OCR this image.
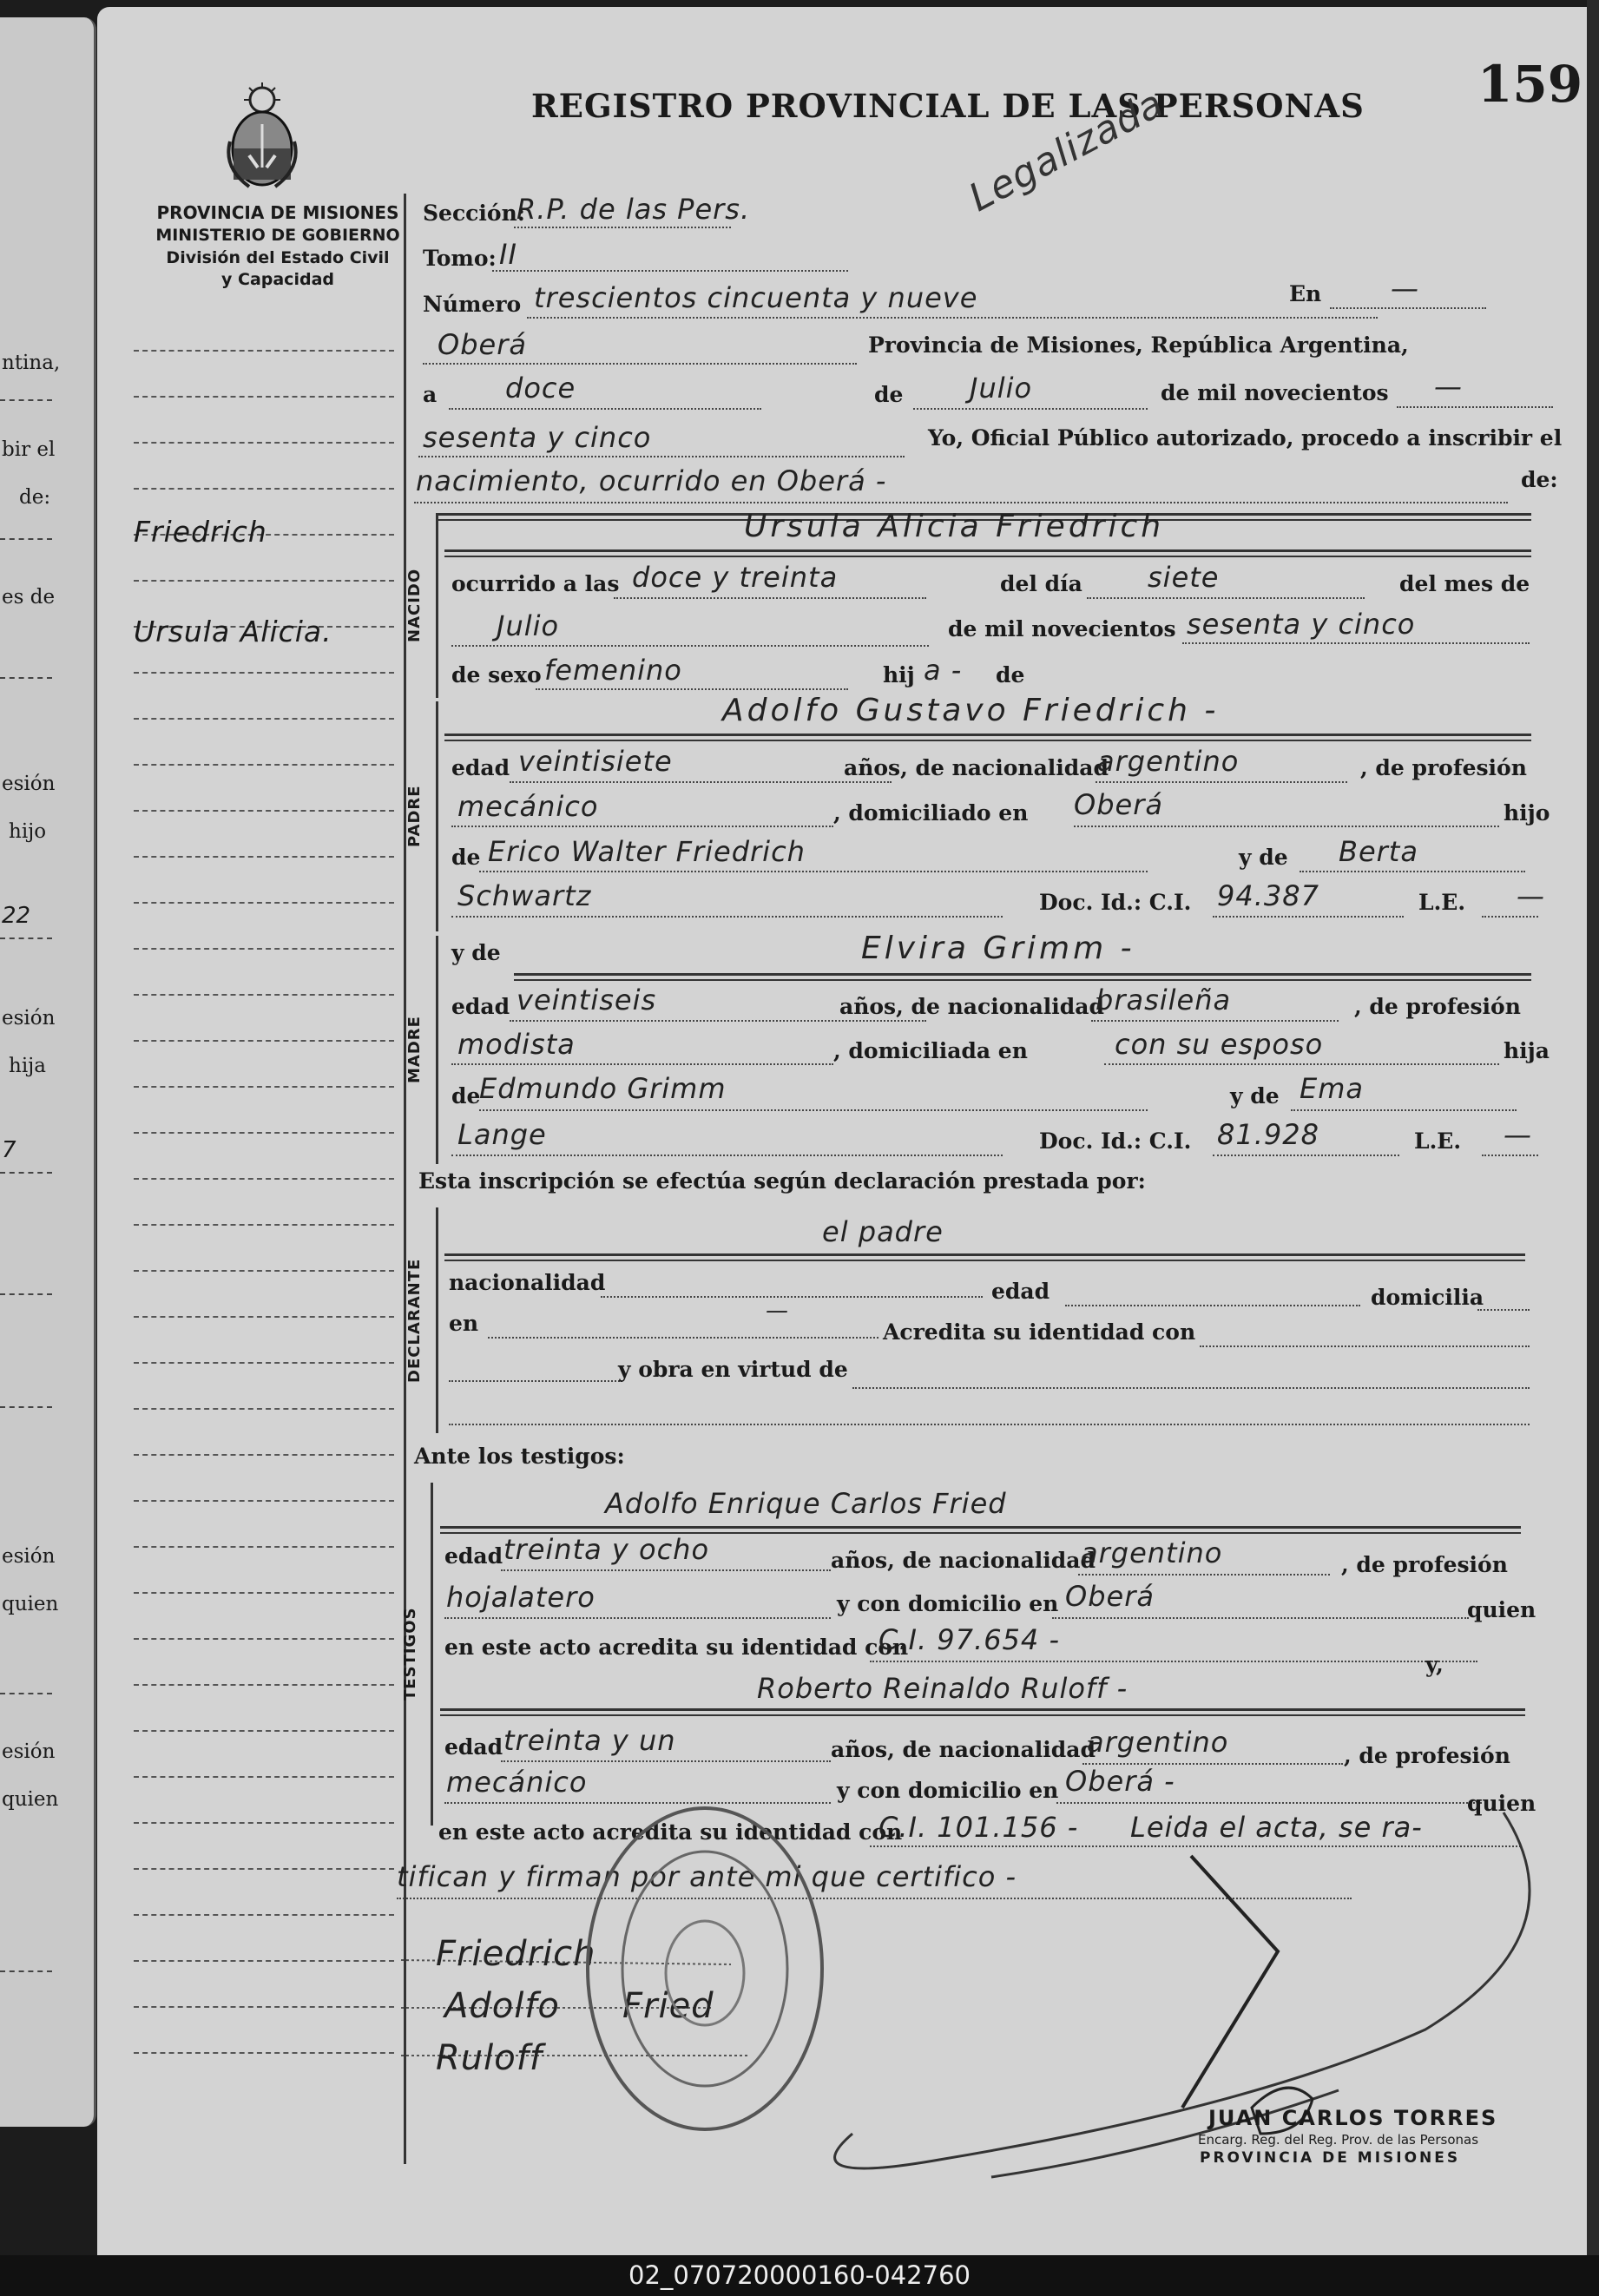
ntina,
bir el
de:
es de
esión
hijo
22
esión
hija
7
esión
quien
esión
quien
PROVINCIA DE MISIONES
MINISTERIO DE GOBIERNO
División del Estado Civil
y Capacidad
Friedrich
Ursula Alicia.
REGISTRO PROVINCIAL DE LAS PERSONAS 159
Sección:
R.P. de las Pers.
Tomo: II
Número trescientos cincuenta y nueve
Legalizada
En —
Oberá	Provincia de Misiones, República Argentina,
a doce	de Julio	de mil novecientos —
sesenta y cinco	Yo, Oficial Público autorizado, procedo a inscribir el
nacimiento, ocurrido en Oberá -	de:
NACIDO
Ursula Alicia Friedrich
ocurrido a las doce y treinta	del día siete	del mes de
Julio	de mil novecientos sesenta y cinco
de sexo femenino	hij a - de
PADRE
Adolfo Gustavo Friedrich -
edad veintisiete	años, de nacionalidad
argentino	, de profesión
mecánico	, domiciliado en Oberá	hijo
de Erico Walter Friedrich	y de Berta
Schwartz	Doc. Id.: C.I. 94.387	L.E. —
MADRE
y de	Elvira Grimm -
edad veintiseis	años, de nacionalidad
brasileña	, de profesión
modista	, domiciliada en	con su esposo	hija
de
Edmundo Grimm	y de Ema
Lange	Doc. Id.: C.I. 81.928	L.E. —
Esta inscripción se efectúa según declaración prestada por:
DECLARANTE
el padre
nacionalidad	edad	domicilia
en	—
Acredita su identidad con
y obra en virtud de
Ante los testigos:
TESTIGOS
Adolfo Enrique Carlos Fried
edad treinta y ocho	años, de nacionalidad
argentino	, de profesión
hojalatero	y con domicilio en Oberá	quien
en este acto acredita su identidad con
C.I. 97.654 -
Roberto Reinaldo Ruloff -
y,
edad treinta y un	años, de nacionalidad
argentino	, de profesión
mecánico	y con domicilio en Oberá -
quien
en este acto acredita su identidad con
C.I. 101.156 - Leida el acta, se ra-
tifican y firman por ante mi que certifico -
Friedrich
Adolfo Fried
Ruloff
JUAN CARLOS TORRES
Encarg. Reg. del Reg. Prov. de las Personas
PROVINCIA DE MISIONES
02_070720000160-042760
